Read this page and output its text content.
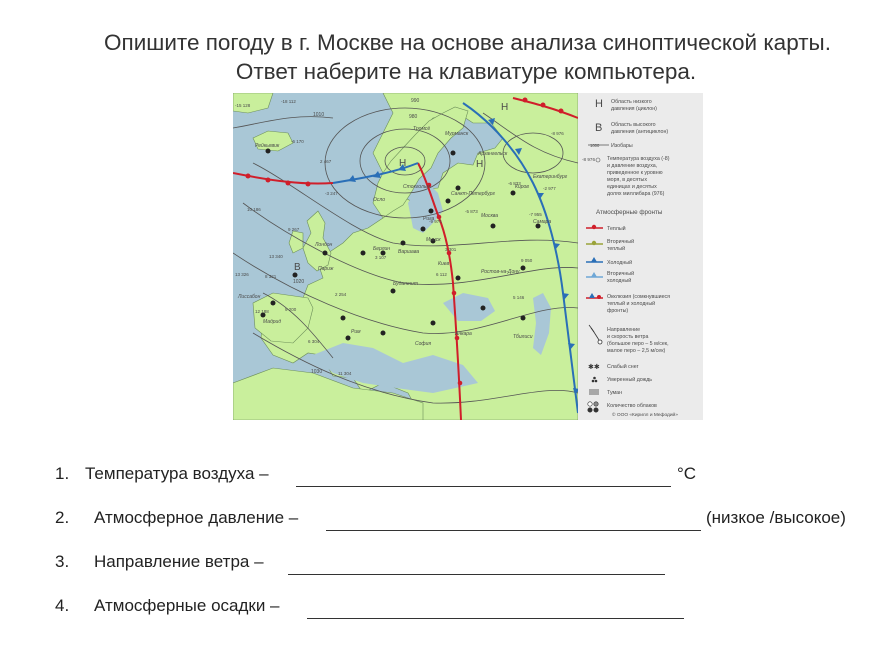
Опишите погоду в г. Москве на основе анализа синоптической карты.
Ответ наберите на клавиатуре компьютера.
990
980
1010
1020
1030
Н
Н
Н
В
Москва
Санкт-Петербург
Киев
Минск
Рига
Варшава
Берлин
Париж
Лондон
Рим
Мадрид
Лиссабон
София
Анкара	Тбилиси
Самара
Киров
Ростов-на-Дону
Архангельск
Мурманск
Екатеринбург
Будапешт
Осло
Стокгольм
Тромсё
Рейкьявик
-15 128
-18 112
-6 170
10 186
2 467
9 267
-3 247
13 340
8 321
13 326
12 188	9 200
6 304
11 304
2 254
3 107
-5 873
-9 976
-6 833
-2 977
-7 955
5 146
9 050
3 301
6 112
-8 976
Н Область низкого
давления (циклон)
В Область высокого
давления (антициклон)
1000 Изобары
-8 976 Температура воздуха (-8)
и давление воздуха,
приведенное к уровню
моря, в десятых
единицах и десятых
долях миллибара (976)
Атмосферные фронты
Теплый
Вторичный
теплый
Холодный
Вторичный
холодный
Окклюзия (сомкнувшиеся
теплый и холодный
фронты)
Направление
и скорость ветра
(большое перо – 5 м/сек,
малое перо – 2,5 м/сек)
✱✱ Слабый снег
Умеренный дождь
Туман
Количество облаков
© ООО «Кирилл и Мефодий»
1. Температура воздуха –	°С
2. Атмосферное давление –	(низкое /высокое)
3. Направление ветра –
4. Атмосферные осадки –
